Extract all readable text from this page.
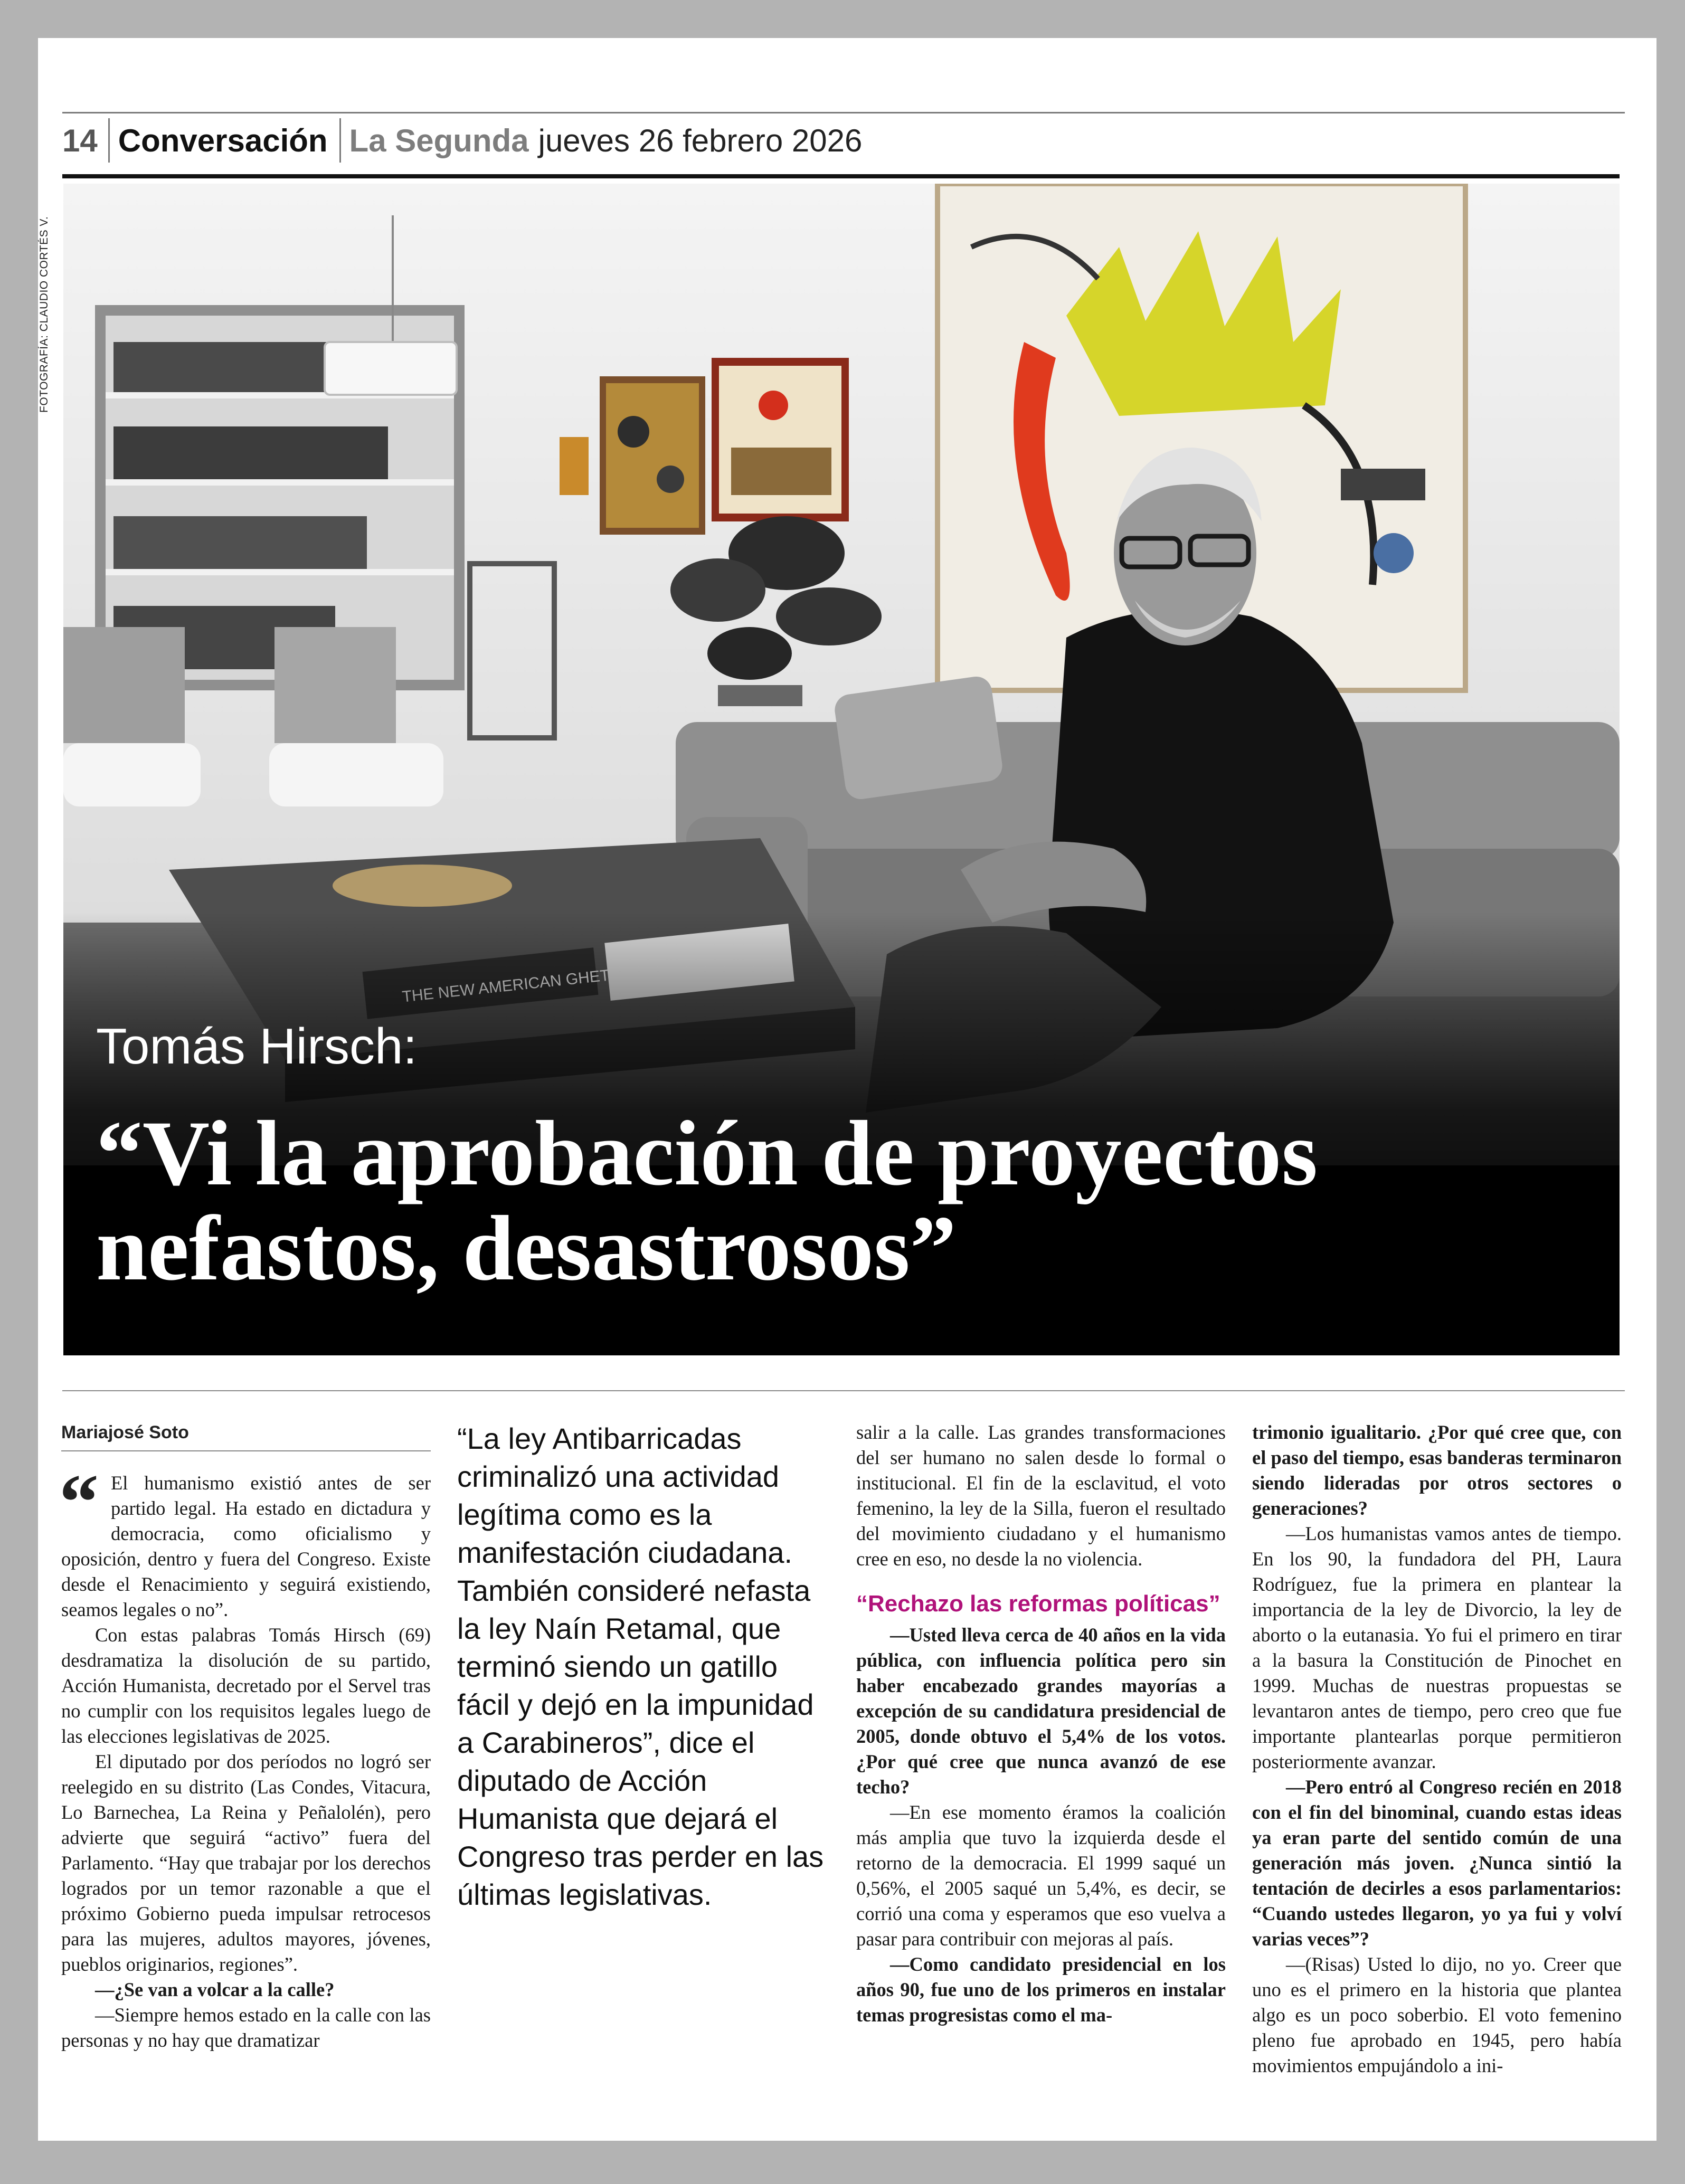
14 Conversación La Segunda jueves 26 febrero 2026
FOTOGRAFÍA: CLAUDIO CORTÉS V.
Tomás Hirsch:
“Vi la aprobación de proyectos
nefastos, desastrosos”
Mariajosé Soto

“ El humanismo existió antes de ser partido legal. Ha estado en dictadura y democracia, como oficialismo y oposición, dentro y fuera del Congreso. Existe desde el Renacimiento y seguirá existiendo, seamos legales o no”.

Con estas palabras Tomás Hirsch (69) desdramatiza la disolución de su partido, Acción Humanista, decretado por el Servel tras no cumplir con los requisitos legales luego de las elecciones legislativas de 2025.

El diputado por dos períodos no logró ser reelegido en su distrito (Las Condes, Vitacura, Lo Barnechea, La Reina y Peñalolén), pero advierte que seguirá “activo” fuera del Parlamento. “Hay que trabajar por los derechos logrados por un temor razonable a que el próximo Gobierno pueda impulsar retrocesos para las mujeres, adultos mayores, jóvenes, pueblos originarios, regiones”.

—¿Se van a volcar a la calle?

—Siempre hemos estado en la calle con las personas y no hay que dramatizar

“La ley Antibarricadas criminalizó una actividad legítima como es la manifestación ciudadana. También consideré nefasta la ley Naín Retamal, que terminó siendo un gatillo fácil y dejó en la impunidad a Carabineros”, dice el diputado de Acción Humanista que dejará el Congreso tras perder en las últimas legislativas.

salir a la calle. Las grandes transformaciones del ser humano no salen desde lo formal o institucional. El fin de la esclavitud, el voto femenino, la ley de la Silla, fueron el resultado del movimiento ciudadano y el humanismo cree en eso, no desde la no violencia.

“Rechazo las reformas políticas”

—Usted lleva cerca de 40 años en la vida pública, con influencia política pero sin haber encabezado grandes mayorías a excepción de su candidatura presidencial de 2005, donde obtuvo el 5,4% de los votos. ¿Por qué cree que nunca avanzó de ese techo?

—En ese momento éramos la coalición más amplia que tuvo la izquierda desde el retorno de la democracia. El 1999 saqué un 0,56%, el 2005 saqué un 5,4%, es decir, se corrió una coma y esperamos que eso vuelva a pasar para contribuir con mejoras al país.

—Como candidato presidencial en los años 90, fue uno de los primeros en instalar temas progresistas como el ma-

trimonio igualitario. ¿Por qué cree que, con el paso del tiempo, esas banderas terminaron siendo lideradas por otros sectores o generaciones?

—Los humanistas vamos antes de tiempo. En los 90, la fundadora del PH, Laura Rodríguez, fue la primera en plantear la importancia de la ley de Divorcio, la ley de aborto o la eutanasia. Yo fui el primero en tirar a la basura la Constitución de Pinochet en 1999. Muchas de nuestras propuestas se levantaron antes de tiempo, pero creo que fue importante plantearlas porque permitieron posteriormente avanzar.

—Pero entró al Congreso recién en 2018 con el fin del binominal, cuando estas ideas ya eran parte del sentido común de una generación más joven. ¿Nunca sintió la tentación de decirles a esos parlamentarios: “Cuando ustedes llegaron, yo ya fui y volví varias veces”?

—(Risas) Usted lo dijo, no yo. Creer que uno es el primero en la historia que plantea algo es un poco soberbio. El voto femenino pleno fue aprobado en 1945, pero había movimientos empujándolo a ini-
